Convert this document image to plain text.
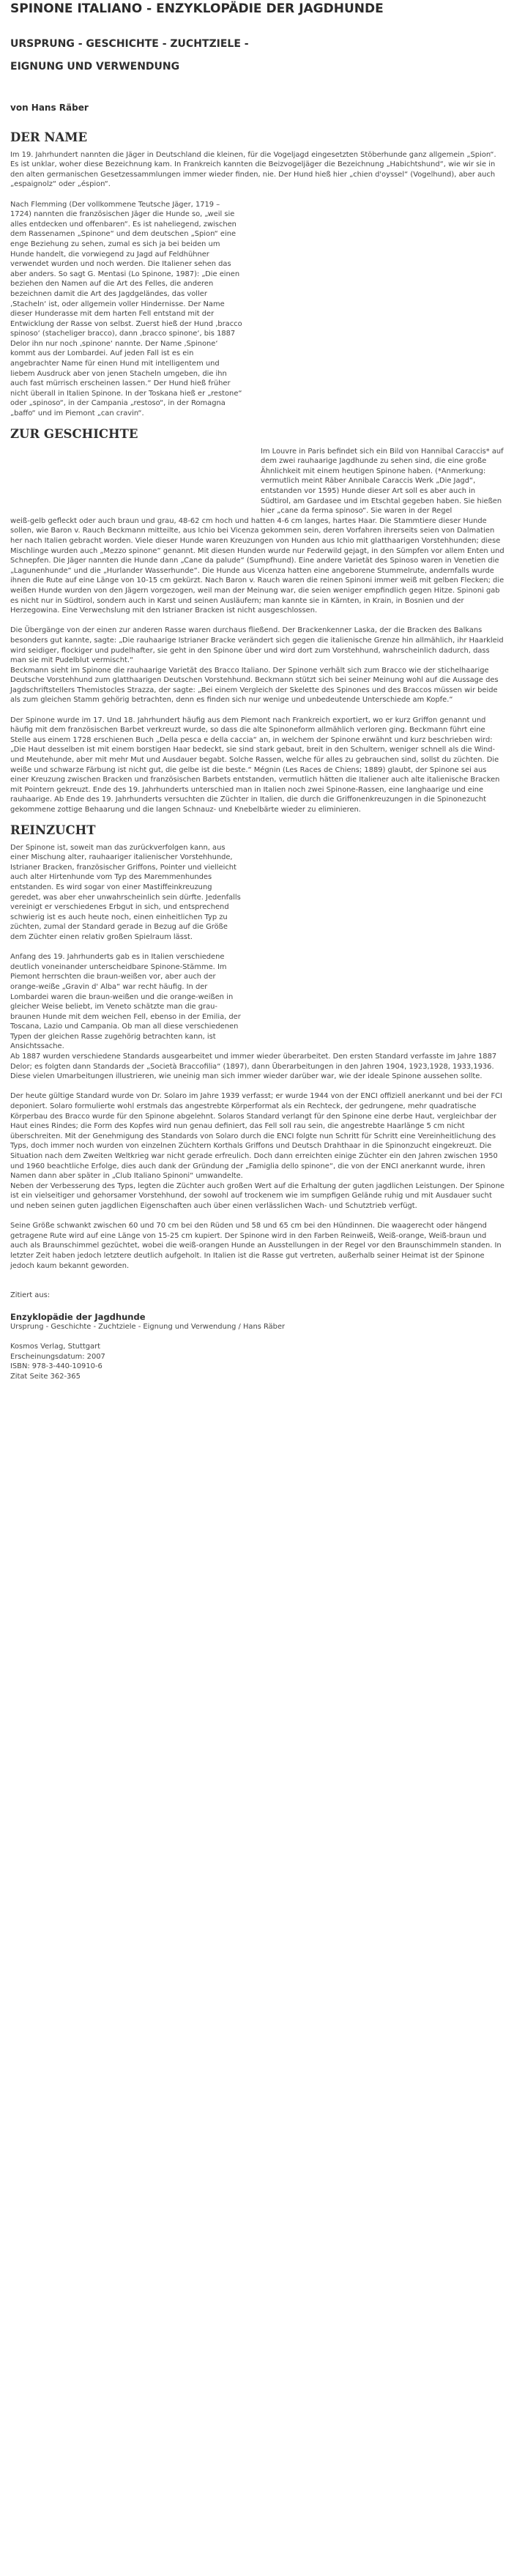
SPINONE ITALIANO - ENZYKLOPÄDIE DER JAGDHUNDE
URSPRUNG - GESCHICHTE - ZUCHTZIELE -
EIGNUNG UND VERWENDUNG
von Hans Räber
DER NAME

Im 19. Jahrhundert nannten die Jäger in Deutschland die kleinen, für die Vogeljagd eingesetzten Stöberhunde ganz allgemein „Spion“. Es ist unklar, woher diese Bezeichnung kam. In Frankreich kannten die Beizvogeljäger die Bezeichnung „Habichtshund“, wie wir sie in den alten germanischen Gesetzessammlungen immer wieder finden, nie. Der Hund hieß hier „chien d'oyssel“ (Vogelhund), aber auch „espaignolz“ oder „éspion“.

Nach Flemming (Der vollkommene Teutsche Jäger, 1719 – 1724) nannten die französischen Jäger die Hunde so, „weil sie alles entdecken und offenbaren“. Es ist naheliegend, zwischen dem Rassenamen „Spinone“ und dem deutschen „Spion“ eine enge Beziehung zu sehen, zumal es sich ja bei beiden um Hunde handelt, die vorwiegend zu Jagd auf Feldhühner verwendet wurden und noch werden. Die Italiener sehen das aber anders. So sagt G. Mentasi (Lo Spinone, 1987): „Die einen beziehen den Namen auf die Art des Felles, die anderen bezeichnen damit die Art des Jagdgeländes, das voller ‚Stacheln‘ ist, oder allgemein voller Hindernisse. Der Name dieser Hunderasse mit dem harten Fell entstand mit der Entwicklung der Rasse von selbst. Zuerst hieß der Hund ‚bracco spinoso‘ (stacheliger bracco), dann ‚bracco spinone‘, bis 1887 Delor ihn nur noch ‚spinone‘ nannte. Der Name ‚Spinone‘ kommt aus der Lombardei. Auf jeden Fall ist es ein angebrachter Name für einen Hund mit intelligentem und liebem Ausdruck aber von jenen Stacheln umgeben, die ihn auch fast mürrisch erscheinen lassen.“ Der Hund hieß früher nicht überall in Italien Spinone. In der Toskana hieß er „restone“ oder „spinoso“, in der Campania „restoso“, in der Romagna „baffo“ und im Piemont „can cravin“.

ZUR GESCHICHTE

Im Louvre in Paris befindet sich ein Bild von Hannibal Caraccis* auf dem zwei rauhaarige Jagdhunde zu sehen sind, die eine große Ähnlichkeit mit einem heutigen Spinone haben. (*Anmerkung: vermutlich meint Räber Annibale Caraccis Werk „Die Jagd“, entstanden vor 1595) Hunde dieser Art soll es aber auch in Südtirol, am Gardasee und im Etschtal gegeben haben. Sie hießen hier „cane da ferma spinoso“. Sie waren in der Regel

weiß-gelb gefleckt oder auch braun und grau, 48-62 cm hoch und hatten 4-6 cm langes, hartes Haar. Die Stammtiere dieser Hunde sollen, wie Baron v. Rauch Beckmann mitteilte, aus Ichio bei Vicenza gekommen sein, deren Vorfahren ihrerseits seien von Dalmatien her nach Italien gebracht worden. Viele dieser Hunde waren Kreuzungen von Hunden aus Ichio mit glatthaarigen Vorstehhunden; diese Mischlinge wurden auch „Mezzo spinone“ genannt. Mit diesen Hunden wurde nur Federwild gejagt, in den Sümpfen vor allem Enten und Schnepfen. Die Jäger nannten die Hunde dann „Cane da palude“ (Sumpfhund). Eine andere Varietät des Spinoso waren in Venetien die „Lagunenhunde“ und die „Hurlander Wasserhunde“. Die Hunde aus Vicenza hatten eine angeborene Stummelrute, andernfalls wurde ihnen die Rute auf eine Länge von 10-15 cm gekürzt. Nach Baron v. Rauch waren die reinen Spinoni immer weiß mit gelben Flecken; die weißen Hunde wurden von den Jägern vorgezogen, weil man der Meinung war, die seien weniger empfindlich gegen Hitze. Spinoni gab es nicht nur in Südtirol, sondern auch in Karst und seinen Ausläufern; man kannte sie in Kärnten, in Krain, in Bosnien und der Herzegowina. Eine Verwechslung mit den Istrianer Bracken ist nicht ausgeschlossen.

Die Übergänge von der einen zur anderen Rasse waren durchaus fließend. Der Brackenkenner Laska, der die Bracken des Balkans besonders gut kannte, sagte: „Die rauhaarige Istrianer Bracke verändert sich gegen die italienische Grenze hin allmählich, ihr Haarkleid wird seidiger, flockiger und pudelhafter, sie geht in den Spinone über und wird dort zum Vorstehhund, wahrscheinlich dadurch, dass man sie mit Pudelblut vermischt.“

Beckmann sieht im Spinone die rauhaarige Varietät des Bracco Italiano. Der Spinone verhält sich zum Bracco wie der stichelhaarige Deutsche Vorstehhund zum glatthaarigen Deutschen Vorstehhund. Beckmann stützt sich bei seiner Meinung wohl auf die Aussage des Jagdschriftstellers Themistocles Strazza, der sagte: „Bei einem Vergleich der Skelette des Spinones und des Braccos müssen wir beide als zum gleichen Stamm gehörig betrachten, denn es finden sich nur wenige und unbedeutende Unterschiede am Kopfe.“

Der Spinone wurde im 17. Und 18. Jahrhundert häufig aus dem Piemont nach Frankreich exportiert, wo er kurz Griffon genannt und häufig mit dem französischen Barbet verkreuzt wurde, so dass die alte Spinoneform allmählich verloren ging. Beckmann führt eine Stelle aus einem 1728 erschienen Buch „Della pesca e della caccia“ an, in welchem der Spinone erwähnt und kurz beschrieben wird: „Die Haut desselben ist mit einem borstigen Haar bedeckt, sie sind stark gebaut, breit in den Schultern, weniger schnell als die Wind- und Meutehunde, aber mit mehr Mut und Ausdauer begabt. Solche Rassen, welche für alles zu gebrauchen sind, sollst du züchten. Die weiße und schwarze Färbung ist nicht gut, die gelbe ist die beste.“ Mégnin (Les Races de Chiens; 1889) glaubt, der Spinone sei aus einer Kreuzung zwischen Bracken und französischen Barbets entstanden, vermutlich hätten die Italiener auch alte italienische Bracken mit Pointern gekreuzt. Ende des 19. Jahrhunderts unterschied man in Italien noch zwei Spinone-Rassen, eine langhaarige und eine rauhaarige. Ab Ende des 19. Jahrhunderts versuchten die Züchter in Italien, die durch die Griffonenkreuzungen in die Spinonezucht gekommene zottige Behaarung und die langen Schnauz- und Knebelbärte wieder zu eliminieren.

REINZUCHT

Der Spinone ist, soweit man das zurückverfolgen kann, aus einer Mischung alter, rauhaariger italienischer Vorstehhunde, Istrianer Bracken, französischer Griffons, Pointer und vielleicht auch alter Hirtenhunde vom Typ des Maremmenhundes entstanden. Es wird sogar von einer Mastiffeinkreuzung geredet, was aber eher unwahrscheinlich sein dürfte. Jedenfalls vereinigt er verschiedenes Erbgut in sich, und entsprechend schwierig ist es auch heute noch, einen einheitlichen Typ zu züchten, zumal der Standard gerade in Bezug auf die Größe dem Züchter einen relativ großen Spielraum lässt.

Anfang des 19. Jahrhunderts gab es in Italien verschiedene deutlich voneinander unterscheidbare Spinone-Stämme. Im Piemont herrschten die braun-weißen vor, aber auch der orange-weiße „Gravin d' Alba“ war recht häufig. In der Lombardei waren die braun-weißen und die orange-weißen in gleicher Weise beliebt, im Veneto schätzte man die grau-braunen Hunde mit dem weichen Fell, ebenso in der Emilia, der Toscana, Lazio und Campania. Ob man all diese verschiedenen Typen der gleichen Rasse zugehörig betrachten kann, ist Ansichtssache.

Ab 1887 wurden verschiedene Standards ausgearbeitet und immer wieder überarbeitet. Den ersten Standard verfasste im Jahre 1887 Delor; es folgten dann Standards der „Società Braccofilia“ (1897), dann Überarbeitungen in den Jahren 1904, 1923,1928, 1933,1936. Diese vielen Umarbeitungen illustrieren, wie uneinig man sich immer wieder darüber war, wie der ideale Spinone aussehen sollte.

Der heute gültige Standard wurde von Dr. Solaro im Jahre 1939 verfasst; er wurde 1944 von der ENCI offiziell anerkannt und bei der FCI deponiert. Solaro formulierte wohl erstmals das angestrebte Körperformat als ein Rechteck, der gedrungene, mehr quadratische Körperbau des Bracco wurde für den Spinone abgelehnt. Solaros Standard verlangt für den Spinone eine derbe Haut, vergleichbar der Haut eines Rindes; die Form des Kopfes wird nun genau definiert, das Fell soll rau sein, die angestrebte Haarlänge 5 cm nicht überschreiten. Mit der Genehmigung des Standards von Solaro durch die ENCI folgte nun Schritt für Schritt eine Vereinheitlichung des Typs, doch immer noch wurden von einzelnen Züchtern Korthals Griffons und Deutsch Drahthaar in die Spinonzucht eingekreuzt. Die Situation nach dem Zweiten Weltkrieg war nicht gerade erfreulich. Doch dann erreichten einige Züchter ein den Jahren zwischen 1950 und 1960 beachtliche Erfolge, dies auch dank der Gründung der „Famiglia dello spinone“, die von der ENCI anerkannt wurde, ihren Namen dann aber später in „Club Italiano Spinoni“ umwandelte.

Neben der Verbesserung des Typs, legten die Züchter auch großen Wert auf die Erhaltung der guten jagdlichen Leistungen. Der Spinone ist ein vielseitiger und gehorsamer Vorstehhund, der sowohl auf trockenem wie im sumpfigen Gelände ruhig und mit Ausdauer sucht und neben seinen guten jagdlichen Eigenschaften auch über einen verlässlichen Wach- und Schutztrieb verfügt.

Seine Größe schwankt zwischen 60 und 70 cm bei den Rüden und 58 und 65 cm bei den Hündinnen. Die waagerecht oder hängend getragene Rute wird auf eine Länge von 15-25 cm kupiert. Der Spinone wird in den Farben Reinweiß, Weiß-orange, Weiß-braun und auch als Braunschimmel gezüchtet, wobei die weiß-orangen Hunde an Ausstellungen in der Regel vor den Braunschimmeln standen. In letzter Zeit haben jedoch letztere deutlich aufgeholt. In Italien ist die Rasse gut vertreten, außerhalb seiner Heimat ist der Spinone jedoch kaum bekannt geworden.

Zitiert aus:

Enzyklopädie der Jagdhunde

Ursprung - Geschichte - Zuchtziele - Eignung und Verwendung / Hans Räber

Kosmos Verlag, Stuttgart

Erscheinungsdatum: 2007

ISBN: 978-3-440-10910-6

Zitat Seite 362-365
